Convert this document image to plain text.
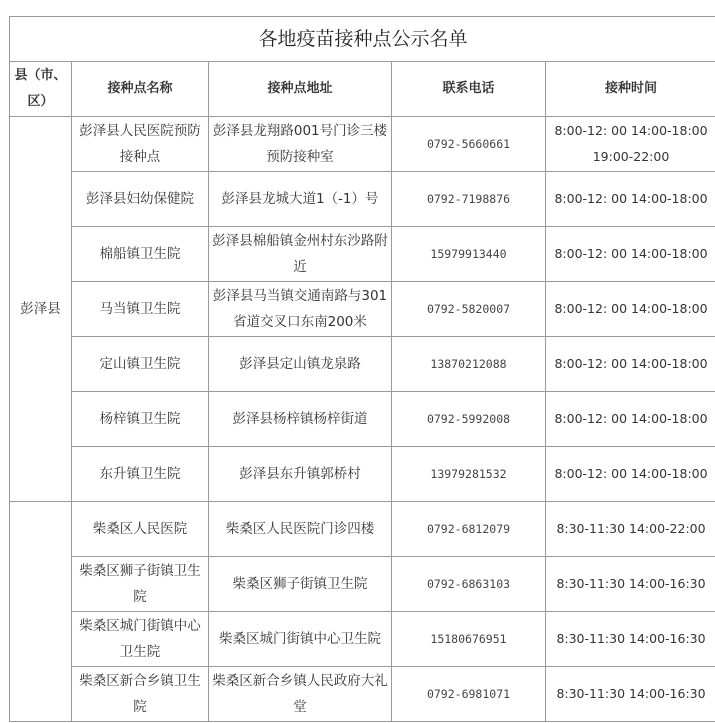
各地疫苗接种点公示名单				
县（市、区）	接种点名称	接种点地址	联系电话	接种时间
彭泽县	彭泽县人民医院预防接种点	彭泽县龙翔路001号门诊三楼预防接种室	0792-5660661	8:00-12: 00 14:00-18:00 19:00-22:00
	彭泽县妇幼保健院	彭泽县龙城大道1（-1）号	0792-7198876	8:00-12: 00 14:00-18:00
	棉船镇卫生院	彭泽县棉船镇金州村东沙路附近	15979913440	8:00-12: 00 14:00-18:00
	马当镇卫生院	彭泽县马当镇交通南路与301省道交叉口东南200米	0792-5820007	8:00-12: 00 14:00-18:00
	定山镇卫生院	彭泽县定山镇龙泉路	13870212088	8:00-12: 00 14:00-18:00
	杨梓镇卫生院	彭泽县杨梓镇杨梓街道	0792-5992008	8:00-12: 00 14:00-18:00
	东升镇卫生院	彭泽县东升镇郭桥村	13979281532	8:00-12: 00 14:00-18:00
	柴桑区人民医院	柴桑区人民医院门诊四楼	0792-6812079	8:30-11:30 14:00-22:00
	柴桑区狮子街镇卫生院	柴桑区狮子街镇卫生院	0792-6863103	8:30-11:30 14:00-16:30
	柴桑区城门街镇中心卫生院	柴桑区城门街镇中心卫生院	15180676951	8:30-11:30 14:00-16:30
	柴桑区新合乡镇卫生院	柴桑区新合乡镇人民政府大礼堂	0792-6981071	8:30-11:30 14:00-16:30
